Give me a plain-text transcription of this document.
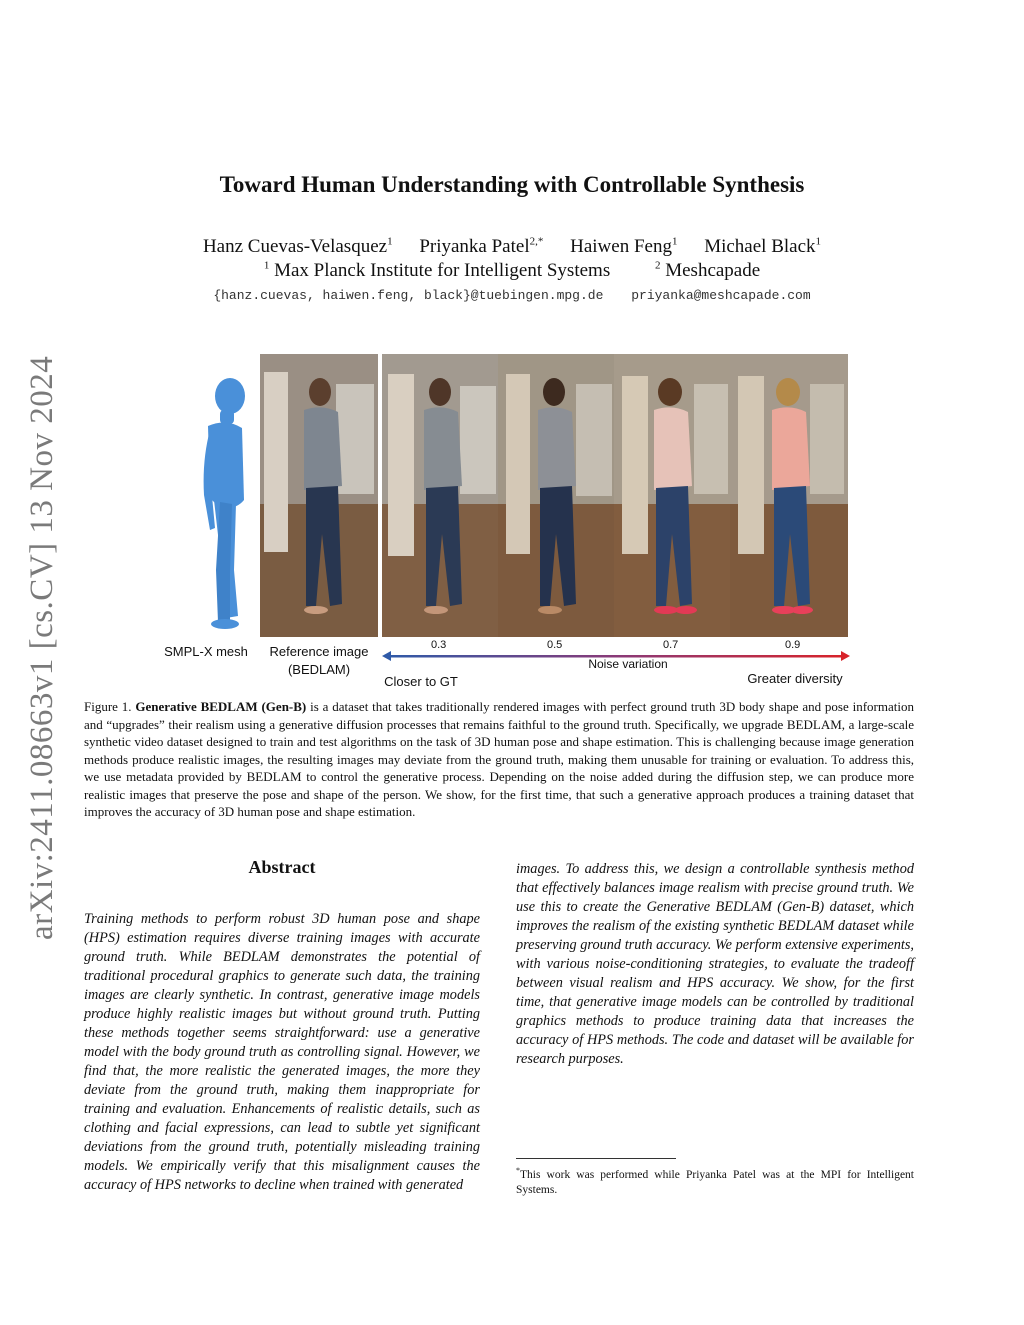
arXiv:2411.08663v1 [cs.CV] 13 Nov 2024
Toward Human Understanding with Controllable Synthesis
Hanz Cuevas-Velasquez$^1$ Priyanka Patel$^{2,*}$ Haiwen Feng$^1$ Michael Black$^1$
$^1$ Max Planck Institute for Intelligent Systems	$^2$ Meshcapade
{hanz.cuevas, haiwen.feng, black}@tuebingen.mpg.de priyanka@meshcapade.com
SMPL-X mesh	Reference image
(BEDLAM)
0.3	0.5	0.7	0.9
Noise variation
Closer to GT	Greater diversity
Figure 1. Generative BEDLAM (Gen-B) is a dataset that takes traditionally rendered images with perfect ground truth 3D body shape and pose information and “upgrades” their realism using a generative diffusion processes that remains faithful to the ground truth. Specifically, we upgrade BEDLAM, a large-scale synthetic video dataset designed to train and test algorithms on the task of 3D human pose and shape estimation. This is challenging because image generation methods produce realistic images, the resulting images may deviate from the ground truth, making them unusable for training or evaluation. To address this, we use metadata provided by BEDLAM to control the generative process. Depending on the noise added during the diffusion step, we can produce more realistic images that preserve the pose and shape of the person. We show, for the first time, that such a generative approach produces a training dataset that improves the accuracy of 3D human pose and shape estimation.
Abstract
Training methods to perform robust 3D human pose and shape (HPS) estimation requires diverse training images with accurate ground truth. While BEDLAM demonstrates the potential of traditional procedural graphics to generate such data, the training images are clearly synthetic. In contrast, generative image models produce highly realistic images but without ground truth. Putting these methods together seems straightforward: use a generative model with the body ground truth as controlling signal. However, we find that, the more realistic the generated images, the more they deviate from the ground truth, making them inappropriate for training and evaluation. Enhancements of realistic details, such as clothing and facial expressions, can lead to subtle yet significant deviations from the ground truth, potentially misleading training models. We empirically verify that this misalignment causes the accuracy of HPS networks to decline when trained with generated
images. To address this, we design a controllable synthesis method that effectively balances image realism with precise ground truth. We use this to create the Generative BEDLAM (Gen-B) dataset, which improves the realism of the existing synthetic BEDLAM dataset while preserving ground truth accuracy. We perform extensive experiments, with various noise-conditioning strategies, to evaluate the tradeoff between visual realism and HPS accuracy. We show, for the first time, that generative image models can be controlled by traditional graphics methods to produce training data that increases the accuracy of HPS methods. The code and dataset will be available for research purposes.
*This work was performed while Priyanka Patel was at the MPI for Intelligent Systems.
